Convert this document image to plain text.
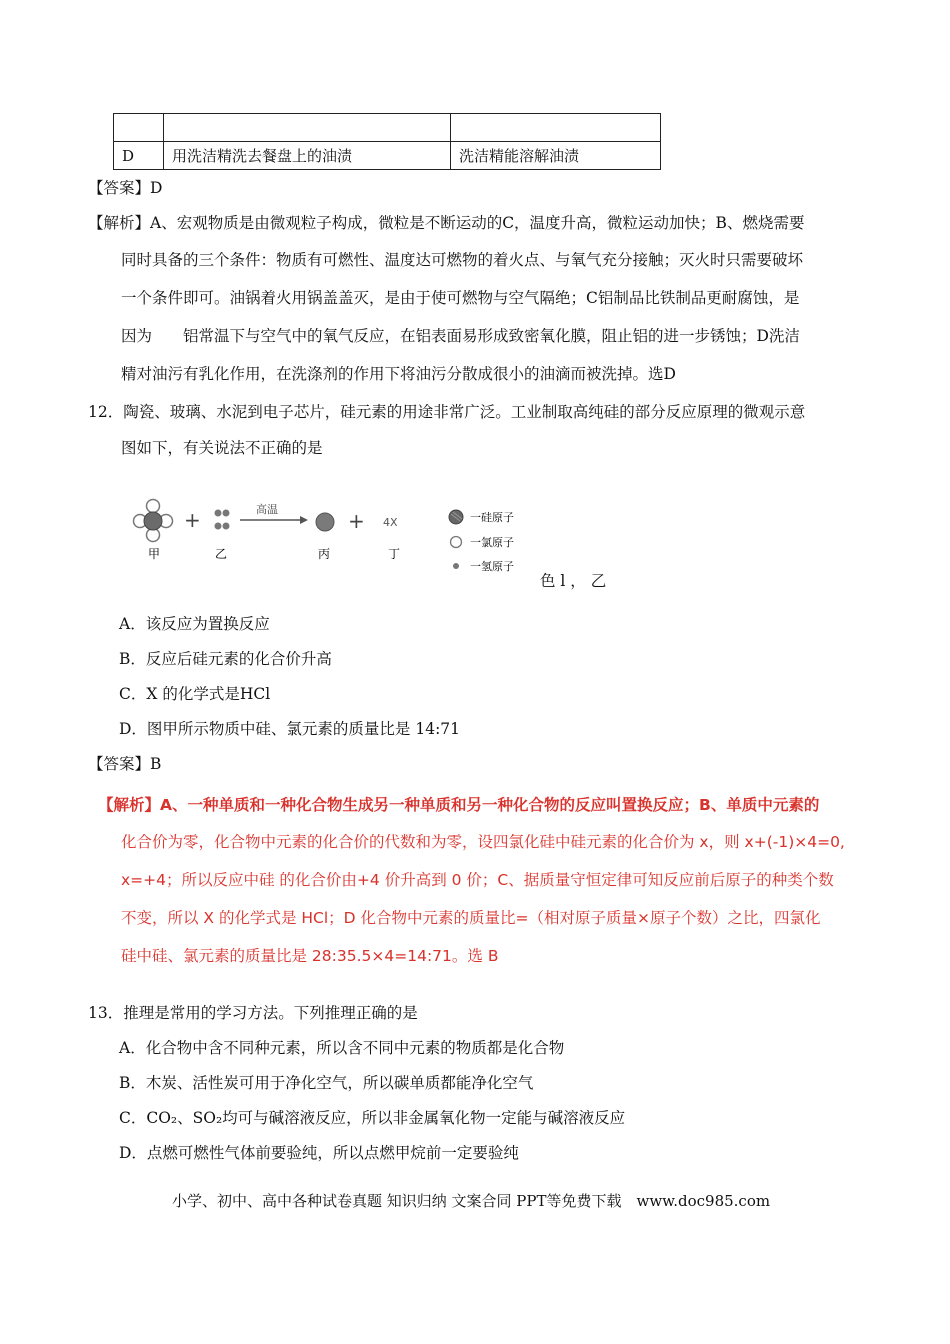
D	用洗洁精洗去餐盘上的油渍	洗洁精能溶解油渍
【答案】D
【解析】A、宏观物质是由微观粒子构成，微粒是不断运动的C，温度升高，微粒运动加快；B、燃烧需要
同时具备的三个条件：物质有可燃性、温度达可燃物的着火点、与氧气充分接触；灭火时只需要破坏
一个条件即可。油锅着火用锅盖盖灭，是由于使可燃物与空气隔绝；C铝制品比铁制品更耐腐蚀，是
因为　　铝常温下与空气中的氧气反应，在铝表面易形成致密氧化膜，阻止铝的进一步锈蚀；D洗洁
精对油污有乳化作用，在洗涤剂的作用下将油污分散成很小的油滴而被洗掉。选D
12．陶瓷、玻璃、水泥到电子芯片，硅元素的用途非常广泛。工业制取高纯硅的部分反应原理的微观示意
图如下，有关说法不正确的是
甲
+
乙
高温
丙
+ 4X
丁
一硅原子
一氯原子
一氢原子
色 l ， 乙
A．该反应为置换反应
B．反应后硅元素的化合价升高
C．X 的化学式是HCl
D．图甲所示物质中硅、氯元素的质量比是 14:71
【答案】B
【解析】A、一种单质和一种化合物生成另一种单质和另一种化合物的反应叫置换反应；B、单质中元素的
化合价为零，化合物中元素的化合价的代数和为零，设四氯化硅中硅元素的化合价为 x，则 x+(-1)×4=0,
x=+4；所以反应中硅 的化合价由+4 价升高到 0 价；C、据质量守恒定律可知反应前后原子的种类个数
不变，所以 X 的化学式是 HCl；D 化合物中元素的质量比=（相对原子质量×原子个数）之比，四氯化
硅中硅、氯元素的质量比是 28:35.5×4=14:71。选 B
13．推理是常用的学习方法。下列推理正确的是
A．化合物中含不同种元素，所以含不同中元素的物质都是化合物
B．木炭、活性炭可用于净化空气，所以碳单质都能净化空气
C．CO₂、SO₂均可与碱溶液反应，所以非金属氧化物一定能与碱溶液反应
D．点燃可燃性气体前要验纯，所以点燃甲烷前一定要验纯
小学、初中、高中各种试卷真题 知识归纳 文案合同 PPT等免费下载　www.doc985.com
